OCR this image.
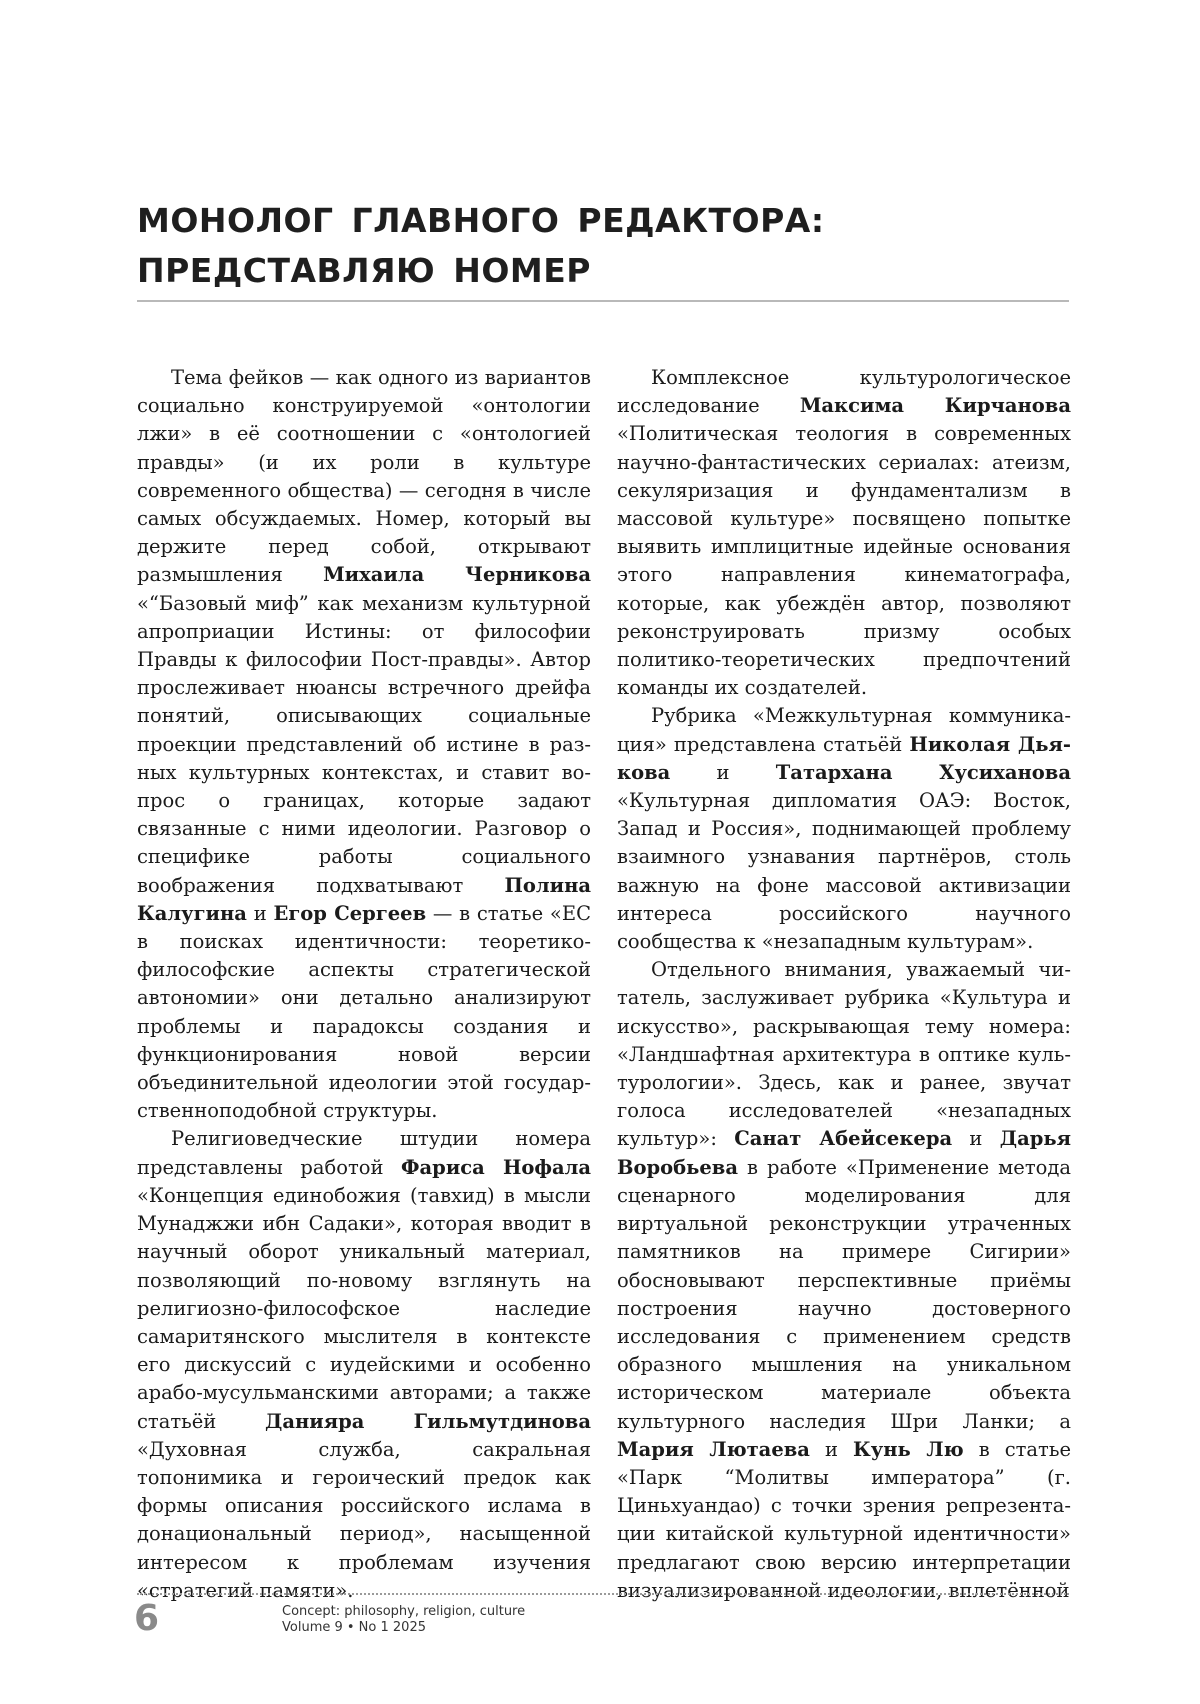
МОНОЛОГ ГЛАВНОГО РЕДАКТОРА:
ПРЕДСТАВЛЯЮ НОМЕР

Тема фейков — как одного из вариантов социально конструируемой «онтологии лжи» в её соотношении с «онтологией правды» (и их роли в культуре современного общества) — сегодня в числе самых обсуждаемых. Номер, который вы держите перед собой, открывают размышления Михаила Черникова «“Базовый миф” как механизм культурной апроприации Истины: от философии Правды к философии Пост-правды». Автор прослеживает нюансы встречного дрейфа понятий, описывающих социальные проекции представлений об истине в разных культурных контекстах, и ставит вопрос о границах, которые задают связанные с ними идеологии. Разговор о специфике работы социального воображения подхватывают Полина Калугина и Егор Сергеев — в статье «ЕС в поисках идентичности: теоретико-философские аспекты стратегической автономии» они детально анализируют проблемы и парадоксы создания и функционирования новой версии объединительной идеологии этой государственноподобной структуры.

Религиоведческие штудии номера представлены работой Фариса Нофала «Концепция единобожия (тавхид) в мысли Мунаджжи ибн Садаки», которая вводит в научный оборот уникальный материал, позволяющий по-новому взглянуть на религиозно-философское наследие самаритянского мыслителя в контексте его дискуссий с иудейскими и особенно арабо-мусульманскими авторами; а также статьёй Данияра Гильмутдинова «Духовная служба, сакральная топонимика и героический предок как формы описания российского ислама в донациональный период», насыщенной интересом к проблемам изучения «стратегий памяти».

Комплексное культурологическое исследование Максима Кирчанова «Политическая теология в современных научно-фантастических сериалах: атеизм, секуляризация и фундаментализм в массовой культуре» посвящено попытке выявить имплицитные идейные основания этого направления кинематографа, которые, как убеждён автор, позволяют реконструировать призму особых политико-теоретических предпочтений команды их создателей.

Рубрика «Межкультурная коммуникация» представлена статьёй Николая Дьякова и Татархана Хусиханова «Культурная дипломатия ОАЭ: Восток, Запад и Россия», поднимающей проблему взаимного узнавания партнёров, столь важную на фоне массовой активизации интереса российского научного сообщества к «незападным культурам».

Отдельного внимания, уважаемый читатель, заслуживает рубрика «Культура и искусство», раскрывающая тему номера: «Ландшафтная архитектура в оптике культурологии». Здесь, как и ранее, звучат голоса исследователей «незападных культур»: Санат Абейсекера и Дарья Воробьева в работе «Применение метода сценарного моделирования для виртуальной реконструкции утраченных памятников на примере Сигирии» обосновывают перспективные приёмы построения научно достоверного исследования с применением средств образного мышления на уникальном историческом материале объекта культурного наследия Шри Ланки; а Мария Лютаева и Кунь Лю в статье «Парк “Молитвы императора” (г. Циньхуандао) с точки зрения репрезентации китайской культурной идентичности» предлагают свою версию интерпретации визуализированной идеологии, вплетённой

6	Concept: philosophy, religion, culture
Volume 9 • No 1 2025
